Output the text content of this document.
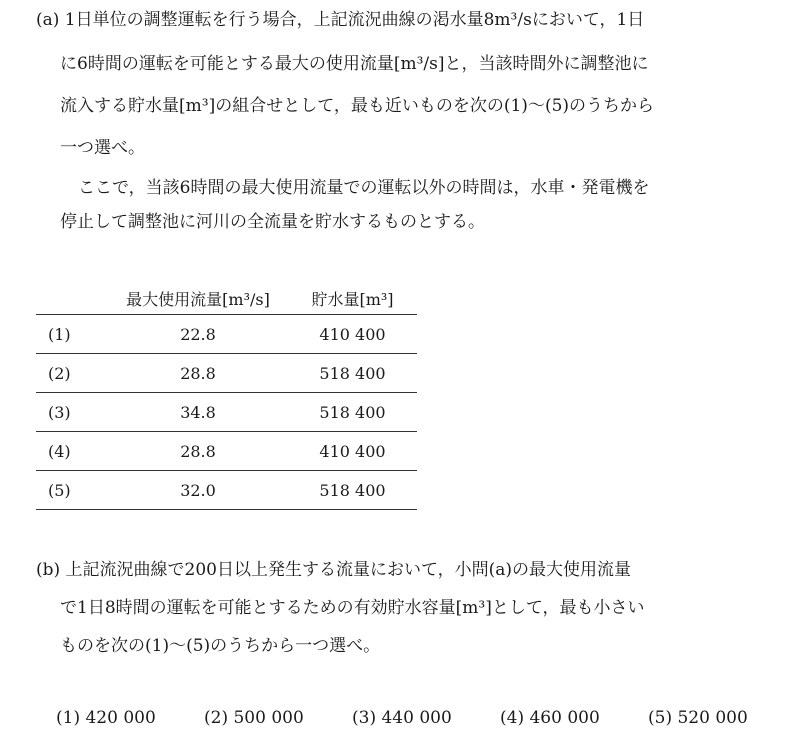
(a) 1日単位の調整運転を行う場合，上記流況曲線の渇水量8m³/sにおいて，1日
に6時間の運転を可能とする最大の使用流量[m³/s]と，当該時間外に調整池に
流入する貯水量[m³]の組合せとして，最も近いものを次の(1)～(5)のうちから
一つ選べ。
ここで，当該6時間の最大使用流量での運転以外の時間は，水車・発電機を
停止して調整池に河川の全流量を貯水するものとする。
	最大使用流量[m³/s]	貯水量[m³]
(1)	22.8	410 400
(2)	28.8	518 400
(3)	34.8	518 400
(4)	28.8	410 400
(5)	32.0	518 400
(b) 上記流況曲線で200日以上発生する流量において，小問(a)の最大使用流量
で1日8時間の運転を可能とするための有効貯水容量[m³]として，最も小さい
ものを次の(1)～(5)のうちから一つ選べ。
(1) 420 000	(2) 500 000	(3) 440 000	(4) 460 000	(5) 520 000
